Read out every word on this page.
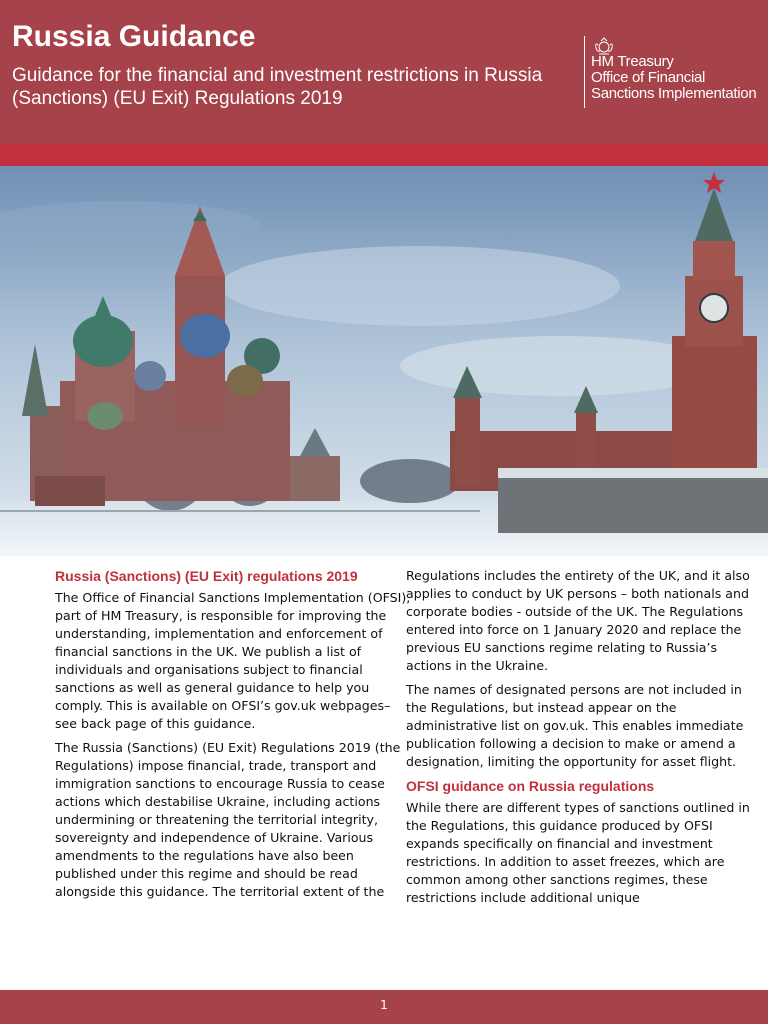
Russia Guidance

Guidance for the financial and investment restrictions in Russia (Sanctions) (EU Exit) Regulations 2019

HM Treasury
Office of Financial
Sanctions Implementation
Russia (Sanctions) (EU Exit) regulations 2019

The Office of Financial Sanctions Implementation (OFSI), part of HM Treasury, is responsible for improving the understanding, implementation and enforcement of financial sanctions in the UK. We publish a list of individuals and organisations subject to financial sanctions as well as general guidance to help you comply. This is available on OFSI’s gov.uk webpages– see back page of this guidance.

The Russia (Sanctions) (EU Exit) Regulations 2019 (the Regulations) impose financial, trade, transport and immigration sanctions to encourage Russia to cease actions which destabilise Ukraine, including actions undermining or threatening the territorial integrity, sovereignty and independence of Ukraine. Various amendments to the regulations have also been published under this regime and should be read alongside this guidance. The territorial extent of the

Regulations includes the entirety of the UK, and it also applies to conduct by UK persons – both nationals and corporate bodies - outside of the UK. The Regulations entered into force on 1 January 2020 and replace the previous EU sanctions regime relating to Russia’s actions in the Ukraine.

The names of designated persons are not included in the Regulations, but instead appear on the administrative list on gov.uk. This enables immediate publication following a decision to make or amend a designation, limiting the opportunity for asset flight.

OFSI guidance on Russia regulations

While there are different types of sanctions outlined in the Regulations, this guidance produced by OFSI expands specifically on financial and investment restrictions. In addition to asset freezes, which are common among other sanctions regimes, these restrictions include additional unique

1
